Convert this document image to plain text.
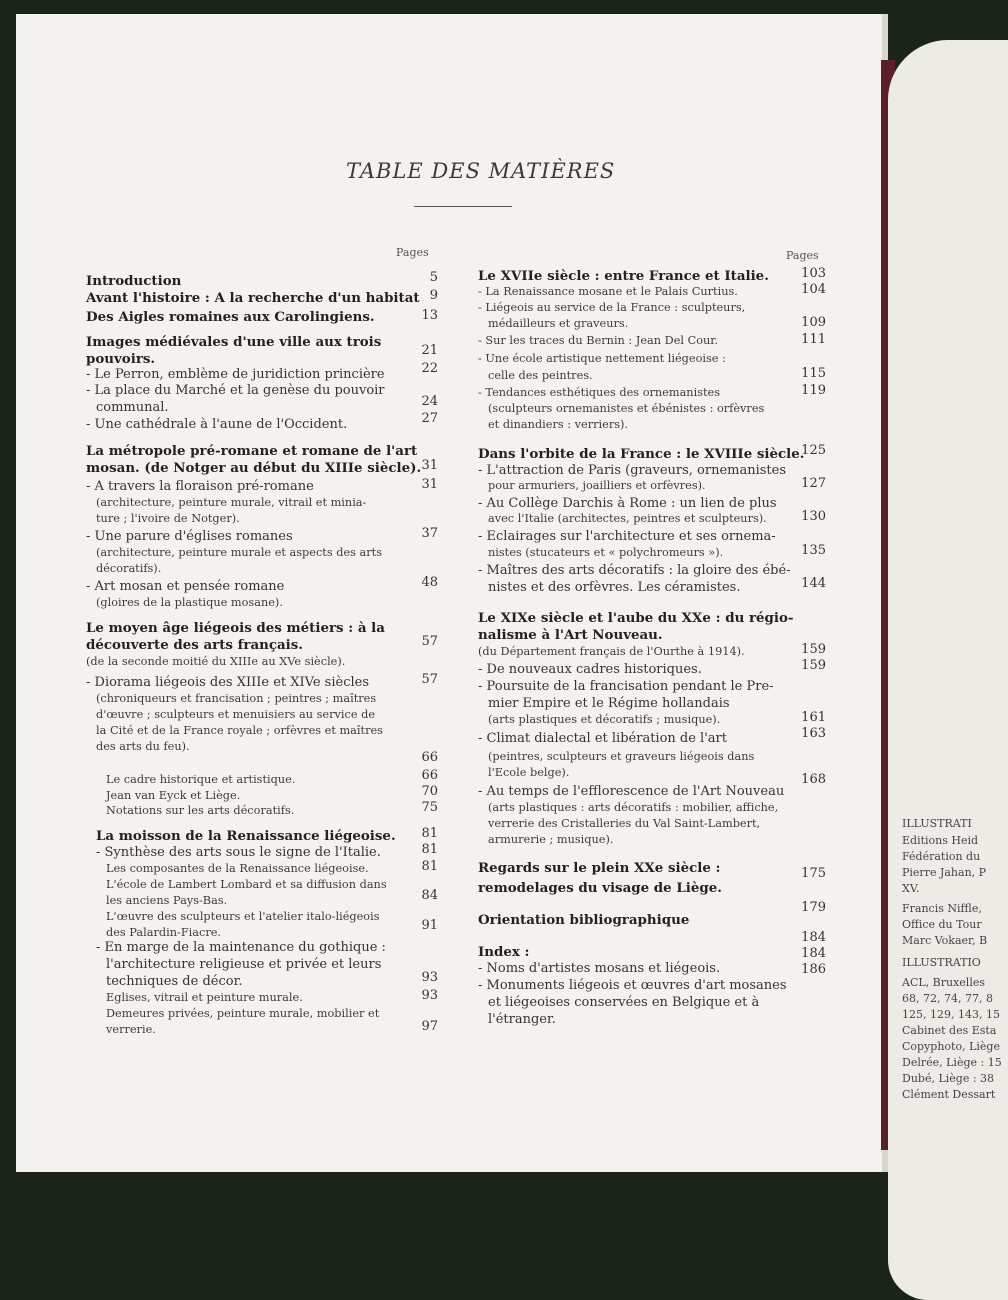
TABLE DES MATIÈRES
Pages	Pages
Introduction
Avant l'histoire : A la recherche d'un habitat
Des Aigles romaines aux Carolingiens.
Images médiévales d'une ville aux trois
pouvoirs.
- Le Perron, emblème de juridiction princière
- La place du Marché et la genèse du pouvoir
communal.
- Une cathédrale à l'aune de l'Occident.
La métropole pré-romane et romane de l'art
mosan. (de Notger au début du XIIIe siècle).
- A travers la floraison pré-romane
(architecture, peinture murale, vitrail et minia-
ture ; l'ivoire de Notger).
- Une parure d'églises romanes
(architecture, peinture murale et aspects des arts
décoratifs).
- Art mosan et pensée romane
(gloires de la plastique mosane).
Le moyen âge liégeois des métiers : à la
découverte des arts français.
(de la seconde moitié du XIIIe au XVe siècle).
- Diorama liégeois des XIIIe et XIVe siècles
(chroniqueurs et francisation ; peintres ; maîtres
d'œuvre ; sculpteurs et menuisiers au service de
la Cité et de la France royale ; orfèvres et maîtres
des arts du feu).
Le cadre historique et artistique.
Jean van Eyck et Liège.
Notations sur les arts décoratifs.
La moisson de la Renaissance liégeoise.
- Synthèse des arts sous le signe de l'Italie.
Les composantes de la Renaissance liégeoise.
L'école de Lambert Lombard et sa diffusion dans
les anciens Pays-Bas.
L'œuvre des sculpteurs et l'atelier italo-liégeois
des Palardin-Fiacre.
- En marge de la maintenance du gothique :
l'architecture religieuse et privée et leurs
techniques de décor.
Eglises, vitrail et peinture murale.
Demeures privées, peinture murale, mobilier et
verrerie.
5
9
13
21
22
24
27
31
31
37
48
57
57
66
66
70
75
81
81
81
84
91
93
93
97
Le XVIIe siècle : entre France et Italie.
- La Renaissance mosane et le Palais Curtius.
- Liégeois au service de la France : sculpteurs,
médailleurs et graveurs.
- Sur les traces du Bernin : Jean Del Cour.
- Une école artistique nettement liégeoise :
celle des peintres.
- Tendances esthétiques des ornemanistes
(sculpteurs ornemanistes et ébénistes : orfèvres
et dinandiers : verriers).
Dans l'orbite de la France : le XVIIIe siècle.
- L'attraction de Paris (graveurs, ornemanistes
pour armuriers, joailliers et orfèvres).
- Au Collège Darchis à Rome : un lien de plus
avec l'Italie (architectes, peintres et sculpteurs).
- Eclairages sur l'architecture et ses ornema-
nistes (stucateurs et « polychromeurs »).
- Maîtres des arts décoratifs : la gloire des ébé-
nistes et des orfèvres. Les céramistes.
Le XIXe siècle et l'aube du XXe : du régio-
nalisme à l'Art Nouveau.
(du Département français de l'Ourthe à 1914).
- De nouveaux cadres historiques.
- Poursuite de la francisation pendant le Pre-
mier Empire et le Régime hollandais
(arts plastiques et décoratifs ; musique).
- Climat dialectal et libération de l'art
(peintres, sculpteurs et graveurs liégeois dans
l'Ecole belge).
- Au temps de l'efflorescence de l'Art Nouveau
(arts plastiques : arts décoratifs : mobilier, affiche,
verrerie des Cristalleries du Val Saint-Lambert,
armurerie ; musique).
Regards sur le plein XXe siècle :
remodelages du visage de Liège.
Orientation bibliographique
Index :
- Noms d'artistes mosans et liégeois.
- Monuments liégeois et œuvres d'art mosanes
et liégeoises conservées en Belgique et à
l'étranger.
103
104
109
111
115
119
125
127
130
135
144
159
159
161
163
168
175
179
184
184
186
ILLUSTRATI
Editions Heid
Fédération du
Pierre Jahan, P
XV.
Francis Niffle,
Office du Tour
Marc Vokaer, B
ILLUSTRATIO
ACL, Bruxelles
68, 72, 74, 77, 8
125, 129, 143, 15
Cabinet des Esta
Copyphoto, Liège
Delrée, Liège : 15
Dubé, Liège : 38
Clément Dessart
